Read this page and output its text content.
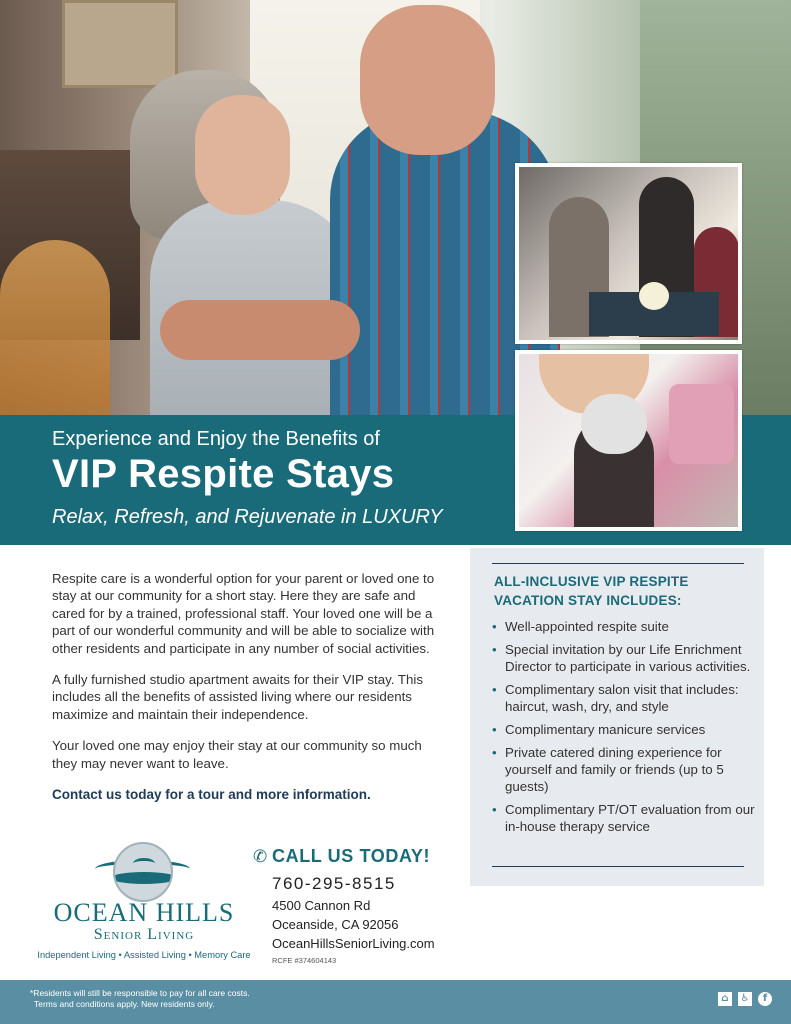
Experience and Enjoy the Benefits of
VIP Respite Stays
Relax, Refresh, and Rejuvenate in LUXURY

Respite care is a wonderful option for your parent or loved one to stay at our community for a short stay. Here they are safe and cared for by a trained, professional staff. Your loved one will be a part of our wonderful community and will be able to socialize with other residents and participate in any number of social activities.

A fully furnished studio apartment awaits for their VIP stay. This includes all the benefits of assisted living where our residents maximize and maintain their independence.

Your loved one may enjoy their stay at our community so much they may never want to leave.

Contact us today for a tour and more information.
ALL-INCLUSIVE VIP RESPITE
VACATION STAY INCLUDES:
• Well-appointed respite suite
• Special invitation by our Life Enrichment Director to participate in various activities.
• Complimentary salon visit that includes: haircut, wash, dry, and style
• Complimentary manicure services
• Private catered dining experience for yourself and family or friends (up to 5 guests)
• Complimentary PT/OT evaluation from our in-house therapy service
OCEAN HILLS
Senior Living
Independent Living • Assisted Living • Memory Care
✆ CALL US TODAY!
760-295-8515
4500 Cannon Rd
Oceanside, CA 92056
OceanHillsSeniorLiving.com
RCFE #374604143
*Residents will still be responsible to pay for all care costs.
Terms and conditions apply. New residents only.	⌂	♿	f
